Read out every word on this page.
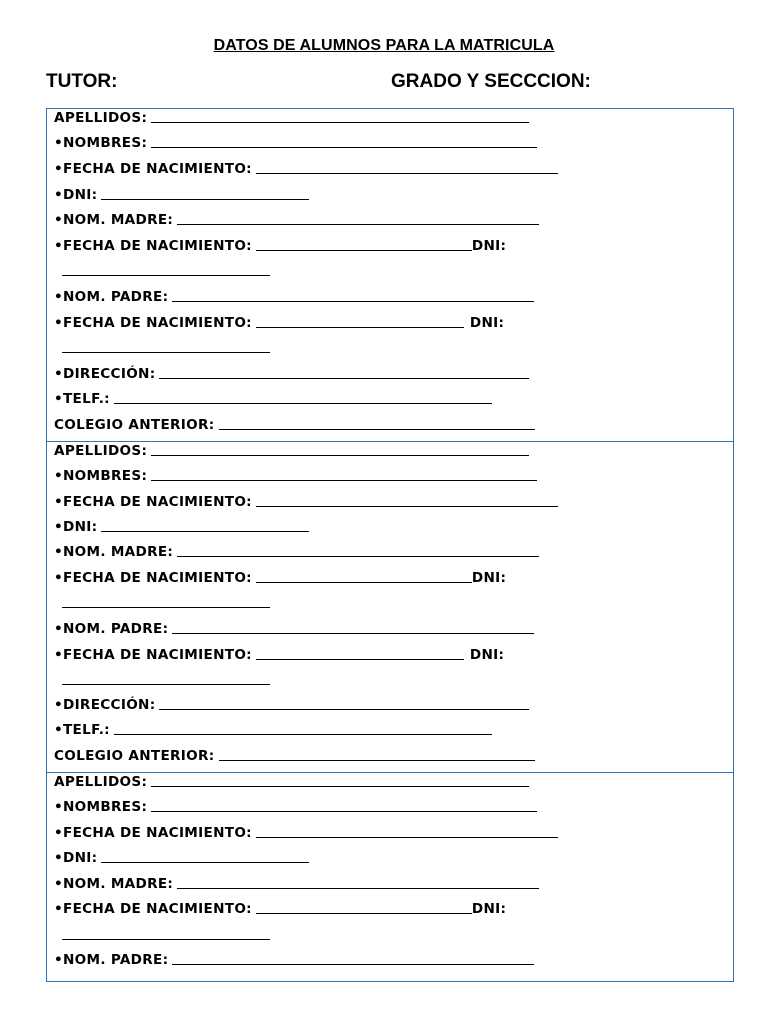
DATOS DE ALUMNOS PARA LA MATRICULA
TUTOR:	GRADO Y SECCCION:
APELLIDOS:
•NOMBRES:
•FECHA DE NACIMIENTO:
•DNI:
•NOM. MADRE:
•FECHA DE NACIMIENTO:	DNI:
•NOM. PADRE:
•FECHA DE NACIMIENTO:	DNI:
•DIRECCIÓN:
•TELF.:
COLEGIO ANTERIOR:
APELLIDOS:
•NOMBRES:
•FECHA DE NACIMIENTO:
•DNI:
•NOM. MADRE:
•FECHA DE NACIMIENTO:	DNI:
•NOM. PADRE:
•FECHA DE NACIMIENTO:	DNI:
•DIRECCIÓN:
•TELF.:
COLEGIO ANTERIOR:
APELLIDOS:
•NOMBRES:
•FECHA DE NACIMIENTO:
•DNI:
•NOM. MADRE:
•FECHA DE NACIMIENTO:	DNI:
•NOM. PADRE:
